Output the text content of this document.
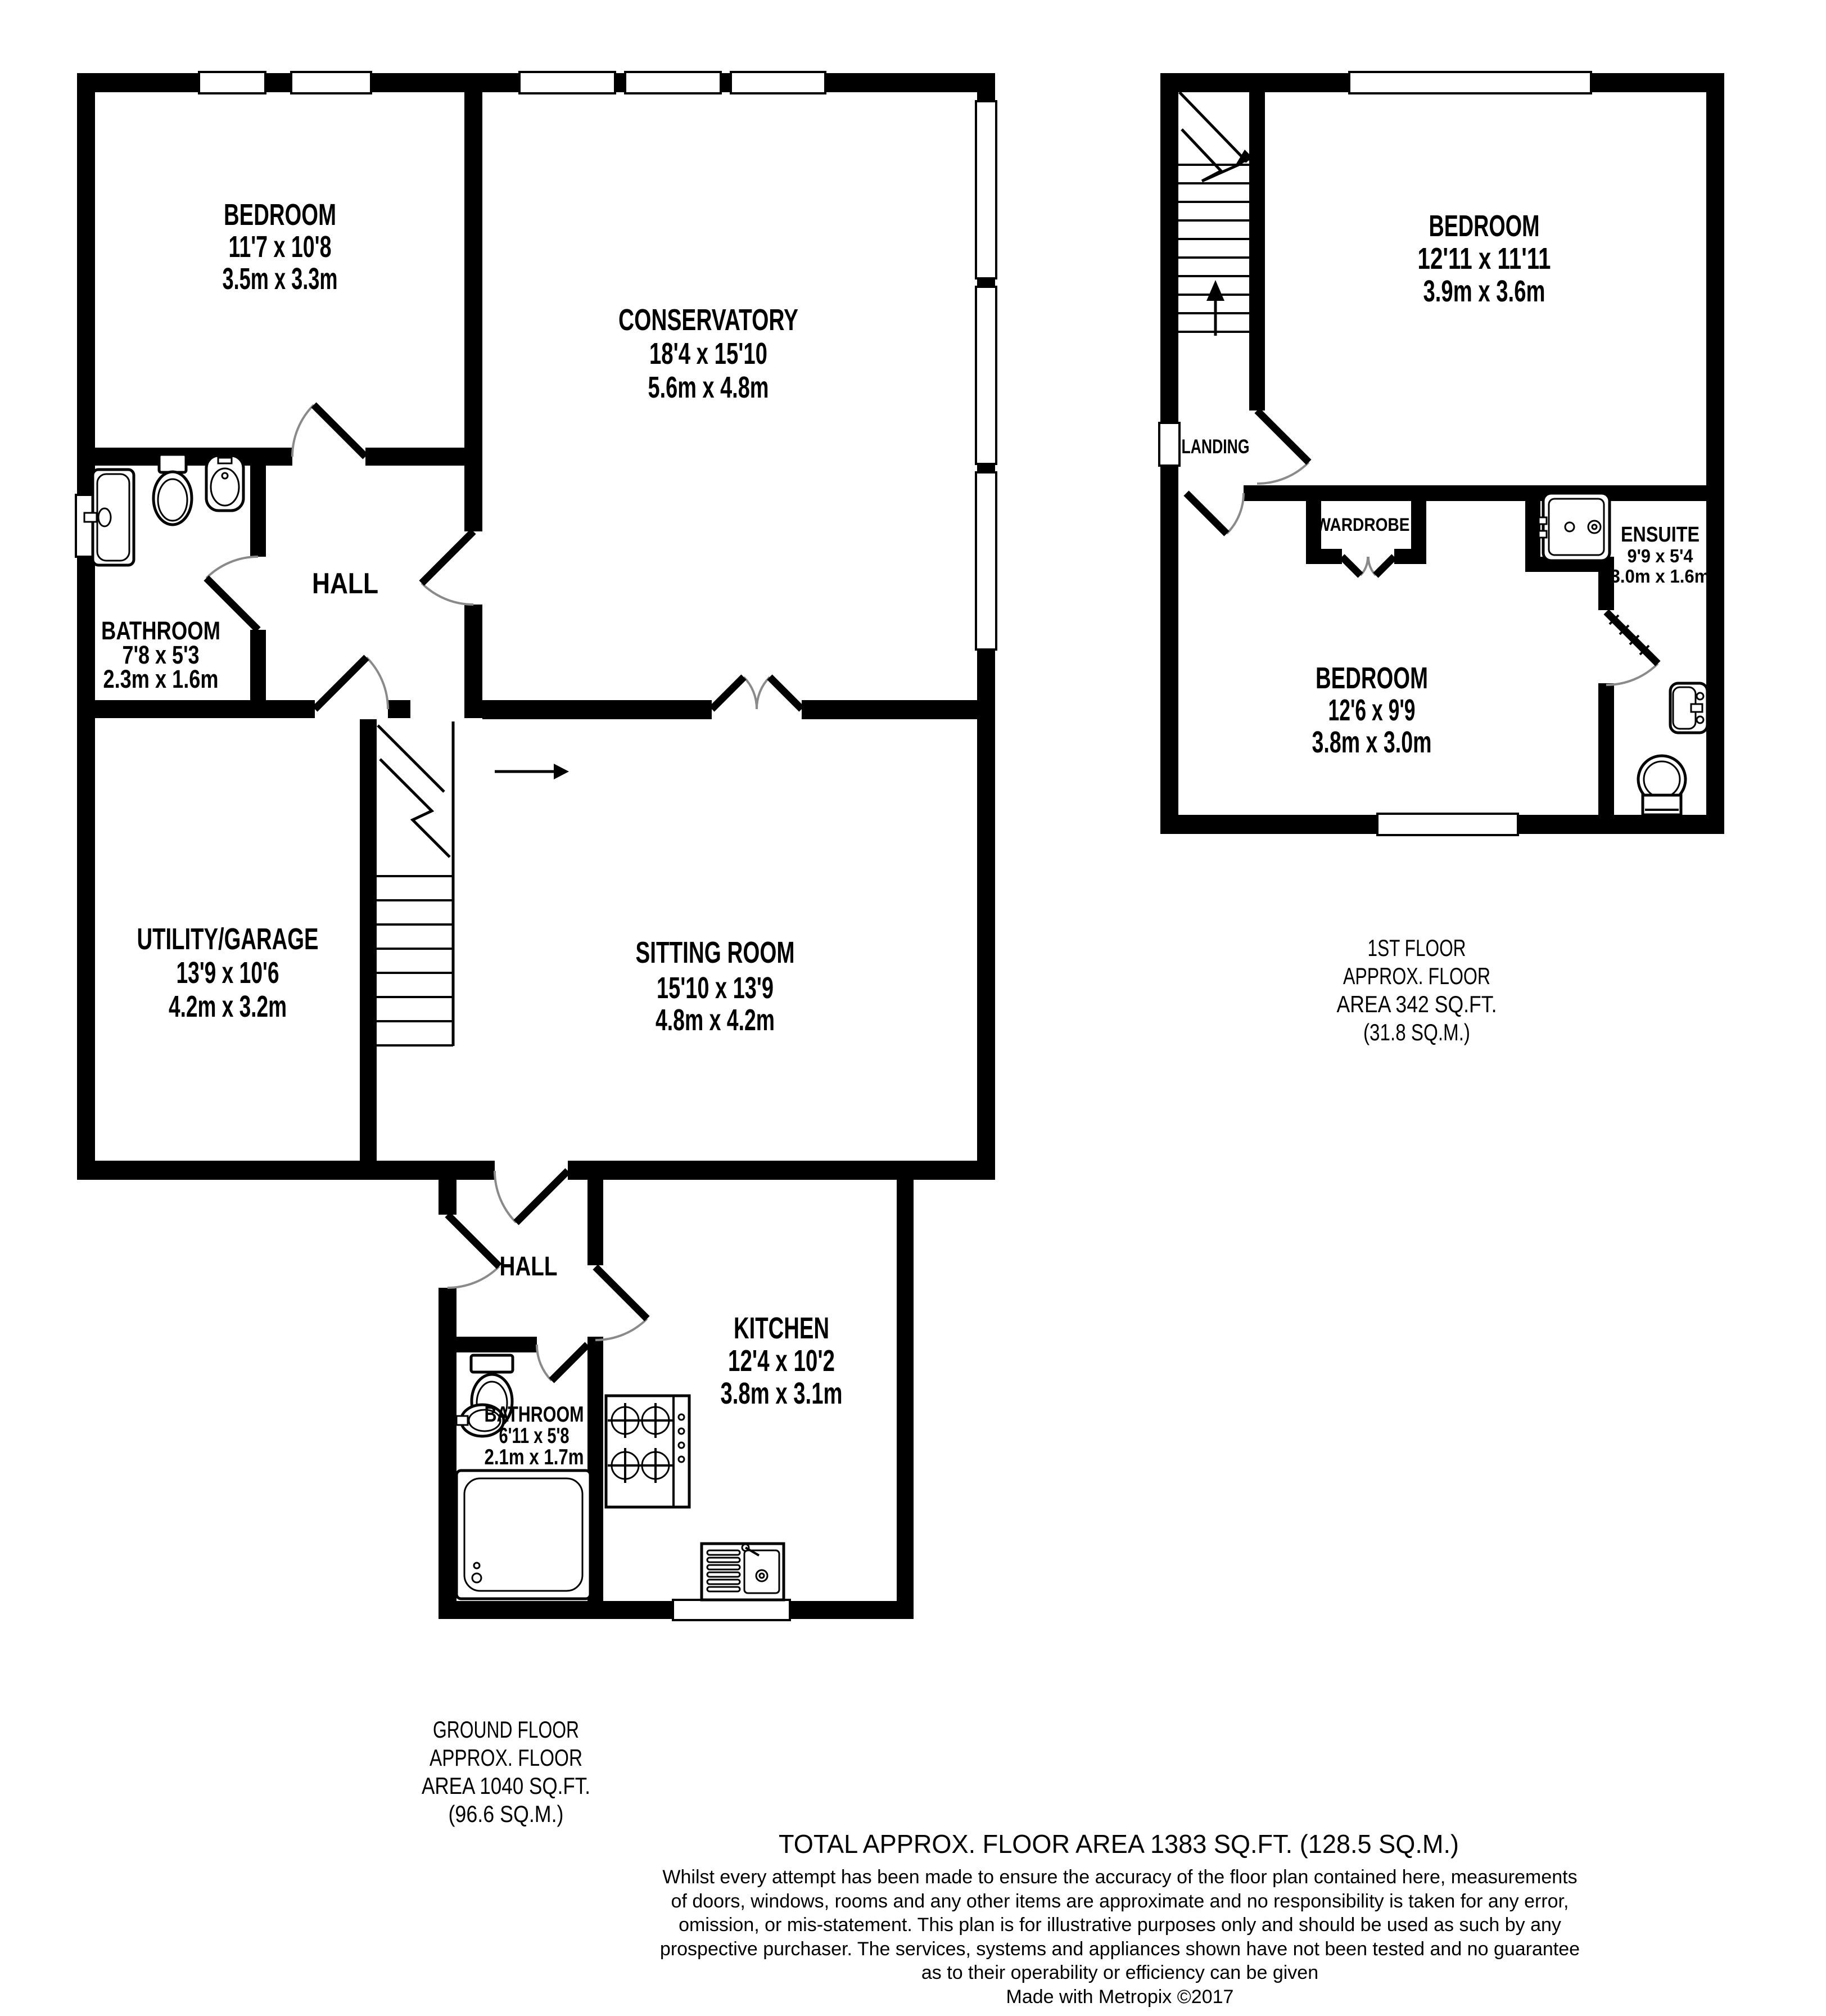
BEDROOM
11'7 x 10'8
3.5m x 3.3m
CONSERVATORY
18'4 x 15'10
5.6m x 4.8m
HALL
BATHROOM
7'8 x 5'3
2.3m x 1.6m
UTILITY/GARAGE
13'9 x 10'6
4.2m x 3.2m
SITTING ROOM
15'10 x 13'9
4.8m x 4.2m
HALL
KITCHEN
12'4 x 10'2
3.8m x 3.1m
BATHROOM
6'11 x 5'8
2.1m x 1.7m
BEDROOM
12'11 x 11'11
3.9m x 3.6m
LANDING
WARDROBE	ENSUITE
9'9 x 5'4
3.0m x 1.6m
BEDROOM
12'6 x 9'9
3.8m x 3.0m
1ST FLOOR
APPROX. FLOOR
AREA 342 SQ.FT.
(31.8 SQ.M.)
GROUND FLOOR
APPROX. FLOOR
AREA 1040 SQ.FT.
(96.6 SQ.M.)
TOTAL APPROX. FLOOR AREA 1383 SQ.FT. (128.5 SQ.M.)
Whilst every attempt has been made to ensure the accuracy of the floor plan contained here, measurements
of doors, windows, rooms and any other items are approximate and no responsibility is taken for any error,
omission, or mis-statement. This plan is for illustrative purposes only and should be used as such by any
prospective purchaser. The services, systems and appliances shown have not been tested and no guarantee
as to their operability or efficiency can be given
Made with Metropix ©2017
